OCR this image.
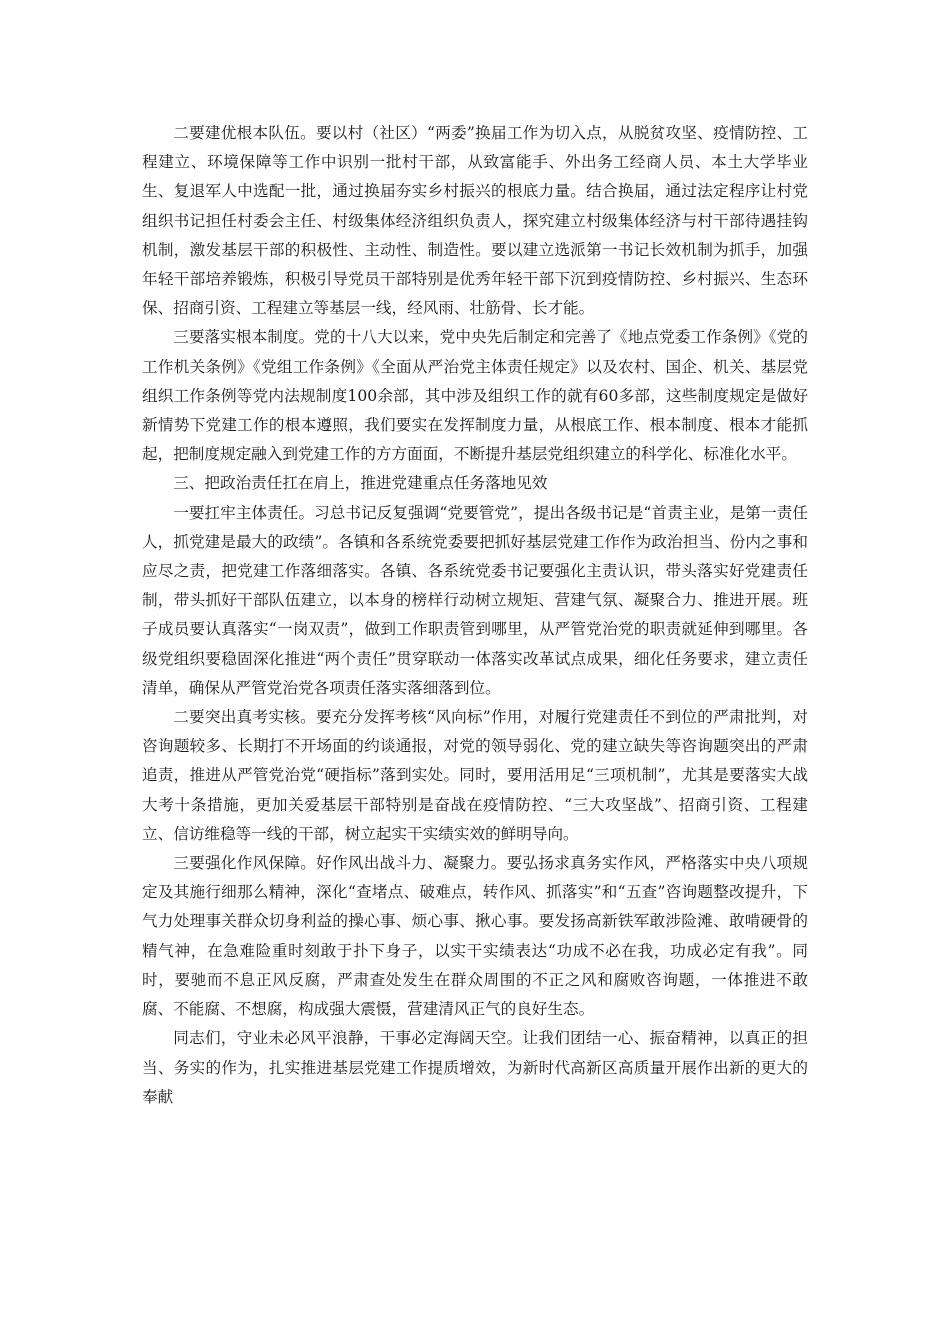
二要建优根本队伍。要以村（社区）“两委”换届工作为切入点，从脱贫攻坚、疫情防控、工程建立、环境保障等工作中识别一批村干部，从致富能手、外出务工经商人员、本土大学毕业生、复退军人中选配一批，通过换届夯实乡村振兴的根底力量。结合换届，通过法定程序让村党组织书记担任村委会主任、村级集体经济组织负责人，探究建立村级集体经济与村干部待遇挂钩机制，激发基层干部的积极性、主动性、制造性。要以建立选派第一书记长效机制为抓手，加强年轻干部培养锻炼，积极引导党员干部特别是优秀年轻干部下沉到疫情防控、乡村振兴、生态环保、招商引资、工程建立等基层一线，经风雨、壮筋骨、长才能。

三要落实根本制度。党的十八大以来，党中央先后制定和完善了《地点党委工作条例》《党的工作机关条例》《党组工作条例》《全面从严治党主体责任规定》以及农村、国企、机关、基层党组织工作条例等党内法规制度100余部，其中涉及组织工作的就有60多部，这些制度规定是做好新情势下党建工作的根本遵照，我们要实在发挥制度力量，从根底工作、根本制度、根本才能抓起，把制度规定融入到党建工作的方方面面，不断提升基层党组织建立的科学化、标准化水平。

三、把政治责任扛在肩上，推进党建重点任务落地见效

一要扛牢主体责任。习总书记反复强调“党要管党”，提出各级书记是“首责主业，是第一责任人，抓党建是最大的政绩”。各镇和各系统党委要把抓好基层党建工作作为政治担当、份内之事和应尽之责，把党建工作落细落实。各镇、各系统党委书记要强化主责认识，带头落实好党建责任制，带头抓好干部队伍建立，以本身的榜样行动树立规矩、营建气氛、凝聚合力、推进开展。班子成员要认真落实“一岗双责”，做到工作职责管到哪里，从严管党治党的职责就延伸到哪里。各级党组织要稳固深化推进“两个责任”贯穿联动一体落实改革试点成果，细化任务要求，建立责任清单，确保从严管党治党各项责任落实落细落到位。

二要突出真考实核。要充分发挥考核“风向标”作用，对履行党建责任不到位的严肃批判，对咨询题较多、长期打不开场面的约谈通报，对党的领导弱化、党的建立缺失等咨询题突出的严肃追责，推进从严管党治党“硬指标”落到实处。同时，要用活用足“三项机制”，尤其是要落实大战大考十条措施，更加关爱基层干部特别是奋战在疫情防控、“三大攻坚战”、招商引资、工程建立、信访维稳等一线的干部，树立起实干实绩实效的鲜明导向。

三要强化作风保障。好作风出战斗力、凝聚力。要弘扬求真务实作风，严格落实中央八项规定及其施行细那么精神，深化“查堵点、破难点，转作风、抓落实”和“五查”咨询题整改提升，下气力处理事关群众切身利益的操心事、烦心事、揪心事。要发扬高新铁军敢涉险滩、敢啃硬骨的精气神，在急难险重时刻敢于扑下身子，以实干实绩表达“功成不必在我，功成必定有我”。同时，要驰而不息正风反腐，严肃查处发生在群众周围的不正之风和腐败咨询题，一体推进不敢腐、不能腐、不想腐，构成强大震慑，营建清风正气的良好生态。

同志们，守业未必风平浪静，干事必定海阔天空。让我们团结一心、振奋精神，以真正的担当、务实的作为，扎实推进基层党建工作提质增效，为新时代高新区高质量开展作出新的更大的奉献
